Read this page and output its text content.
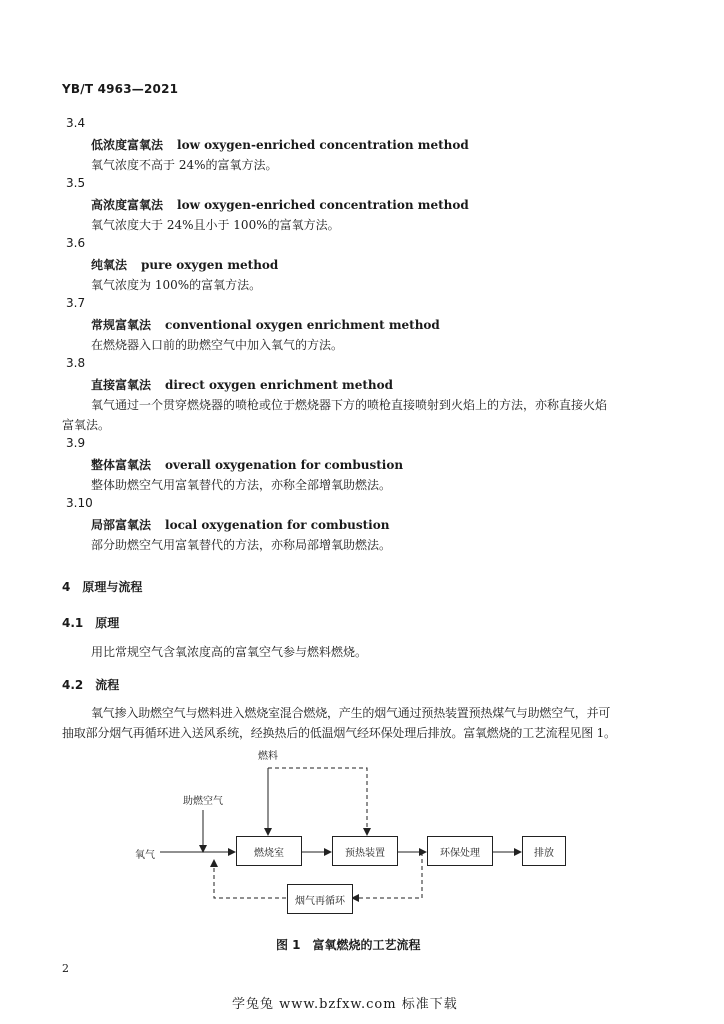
YB/T 4963—2021
3.4
低浓度富氧法 low oxygen-enriched concentration method
氧气浓度不高于 24%的富氧方法。
3.5
高浓度富氧法 low oxygen-enriched concentration method
氧气浓度大于 24%且小于 100%的富氧方法。
3.6
纯氧法 pure oxygen method
氧气浓度为 100%的富氧方法。
3.7
常规富氧法 conventional oxygen enrichment method
在燃烧器入口前的助燃空气中加入氧气的方法。
3.8
直接富氧法 direct oxygen enrichment method
氧气通过一个贯穿燃烧器的喷枪或位于燃烧器下方的喷枪直接喷射到火焰上的方法，亦称直接火焰
富氧法。
3.9
整体富氧法 overall oxygenation for combustion
整体助燃空气用富氧替代的方法，亦称全部增氧助燃法。
3.10
局部富氧法 local oxygenation for combustion
部分助燃空气用富氧替代的方法，亦称局部增氧助燃法。
4　原理与流程
4.1　原理
用比常规空气含氧浓度高的富氧空气参与燃料燃烧。
4.2　流程
氧气掺入助燃空气与燃料进入燃烧室混合燃烧，产生的烟气通过预热装置预热煤气与助燃空气，并可
抽取部分烟气再循环进入送风系统，经换热后的低温烟气经环保处理后排放。富氧燃烧的工艺流程见图 1。
燃料
助燃空气
氧气	燃烧室	预热装置	环保处理	排放
烟气再循环
图 1　富氧燃烧的工艺流程
2
学兔兔 www.bzfxw.com 标准下载
